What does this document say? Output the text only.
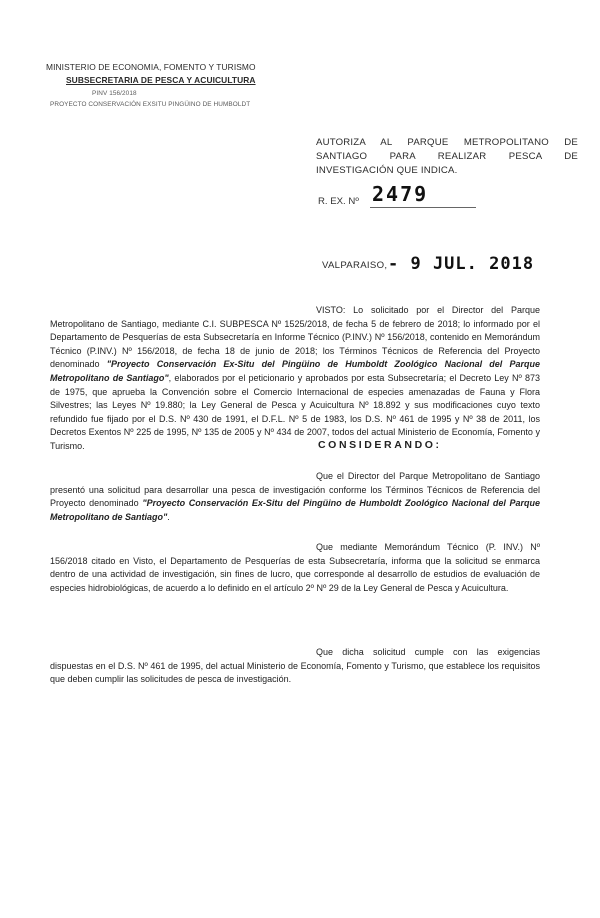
MINISTERIO DE ECONOMIA, FOMENTO Y TURISMO
SUBSECRETARIA DE PESCA Y ACUICULTURA
PINV 156/2018
PROYECTO CONSERVACIÓN EXSITU PINGÜINO DE HUMBOLDT
AUTORIZA AL PARQUE METROPOLITANO DE SANTIAGO PARA REALIZAR PESCA DE INVESTIGACIÓN QUE INDICA.
2479
R. EX. Nº
VALPARAISO, - 9 JUL. 2018
VISTO: Lo solicitado por el Director del Parque Metropolitano de Santiago, mediante C.I. SUBPESCA Nº 1525/2018, de fecha 5 de febrero de 2018; lo informado por el Departamento de Pesquerías de esta Subsecretaría en Informe Técnico (P.INV.) Nº 156/2018, contenido en Memorándum Técnico (P.INV.) Nº 156/2018, de fecha 18 de junio de 2018; los Términos Técnicos de Referencia del Proyecto denominado "Proyecto Conservación Ex-Situ del Pingüino de Humboldt Zoológico Nacional del Parque Metropolitano de Santiago", elaborados por el peticionario y aprobados por esta Subsecretaría; el Decreto Ley Nº 873 de 1975, que aprueba la Convención sobre el Comercio Internacional de especies amenazadas de Fauna y Flora Silvestres; las Leyes Nº 19.880; la Ley General de Pesca y Acuicultura Nº 18.892 y sus modificaciones cuyo texto refundido fue fijado por el D.S. Nº 430 de 1991, el D.F.L. Nº 5 de 1983, los D.S. Nº 461 de 1995 y Nº 38 de 2011, los Decretos Exentos Nº 225 de 1995, Nº 135 de 2005 y Nº 434 de 2007, todos del actual Ministerio de Economía, Fomento y Turismo.	CONSIDERANDO:
Que el Director del Parque Metropolitano de Santiago presentó una solicitud para desarrollar una pesca de investigación conforme los Términos Técnicos de Referencia del Proyecto denominado "Proyecto Conservación Ex-Situ del Pingüino de Humboldt Zoológico Nacional del Parque Metropolitano de Santiago".
Que mediante Memorándum Técnico (P. INV.) Nº 156/2018 citado en Visto, el Departamento de Pesquerías de esta Subsecretaría, informa que la solicitud se enmarca dentro de una actividad de investigación, sin fines de lucro, que corresponde al desarrollo de estudios de evaluación de especies hidrobiológicas, de acuerdo a lo definido en el artículo 2º Nº 29 de la Ley General de Pesca y Acuicultura.
Que dicha solicitud cumple con las exigencias dispuestas en el D.S. Nº 461 de 1995, del actual Ministerio de Economía, Fomento y Turismo, que establece los requisitos que deben cumplir las solicitudes de pesca de investigación.
